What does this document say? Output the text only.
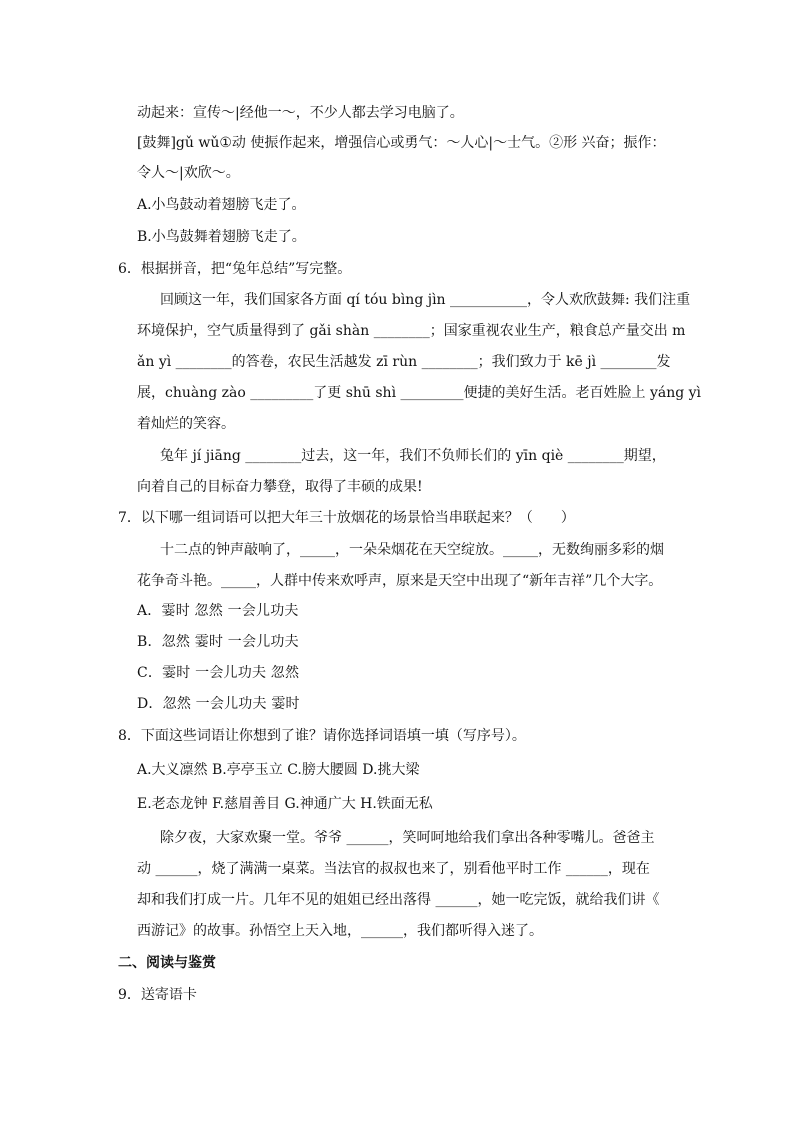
动起来：宣传～|经他一～，不少人都去学习电脑了。
[鼓舞]gǔ wǔ①动 使振作起来，增强信心或勇气：～人心|～士气。②形 兴奋；振作：
令人～|欢欣～。
A.小鸟鼓动着翅膀飞走了。
B.小鸟鼓舞着翅膀飞走了。
6．根据拼音，把“兔年总结”写完整。
回顾这一年，我们国家各方面 qí tóu bìng jìn ___________，令人欢欣鼓舞: 我们注重
环境保护，空气质量得到了 gǎi shàn ________；国家重视农业生产，粮食总产量交出 m
ǎn yì ________的答卷，农民生活越发 zī rùn ________；我们致力于 kē jì ________发
展，chuàng zào _________了更 shū shì _________便捷的美好生活。老百姓脸上 yáng yì
着灿烂的笑容。
兔年 jí jiāng ________过去，这一年，我们不负师长们的 yīn qiè ________期望，
向着自己的目标奋力攀登，取得了丰硕的成果!
7．以下哪一组词语可以把大年三十放烟花的场景恰当串联起来？（　　）
十二点的钟声敲响了，_____，一朵朵烟花在天空绽放。_____，无数绚丽多彩的烟
花争奇斗艳。_____，人群中传来欢呼声，原来是天空中出现了“新年吉祥”几个大字。
A．霎时 忽然 一会儿功夫
B．忽然 霎时 一会儿功夫
C．霎时 一会儿功夫 忽然
D．忽然 一会儿功夫 霎时
8．下面这些词语让你想到了谁？请你选择词语填一填（写序号）。
A.大义凛然 B.亭亭玉立 C.膀大腰圆 D.挑大梁
E.老态龙钟 F.慈眉善目 G.神通广大 H.铁面无私
除夕夜，大家欢聚一堂。爷爷 ______，笑呵呵地给我们拿出各种零嘴儿。爸爸主
动 ______，烧了满满一桌菜。当法官的叔叔也来了，别看他平时工作 ______，现在
却和我们打成一片。几年不见的姐姐已经出落得 ______，她一吃完饭，就给我们讲《
西游记》的故事。孙悟空上天入地，______，我们都听得入迷了。
二、阅读与鉴赏
9．送寄语卡
